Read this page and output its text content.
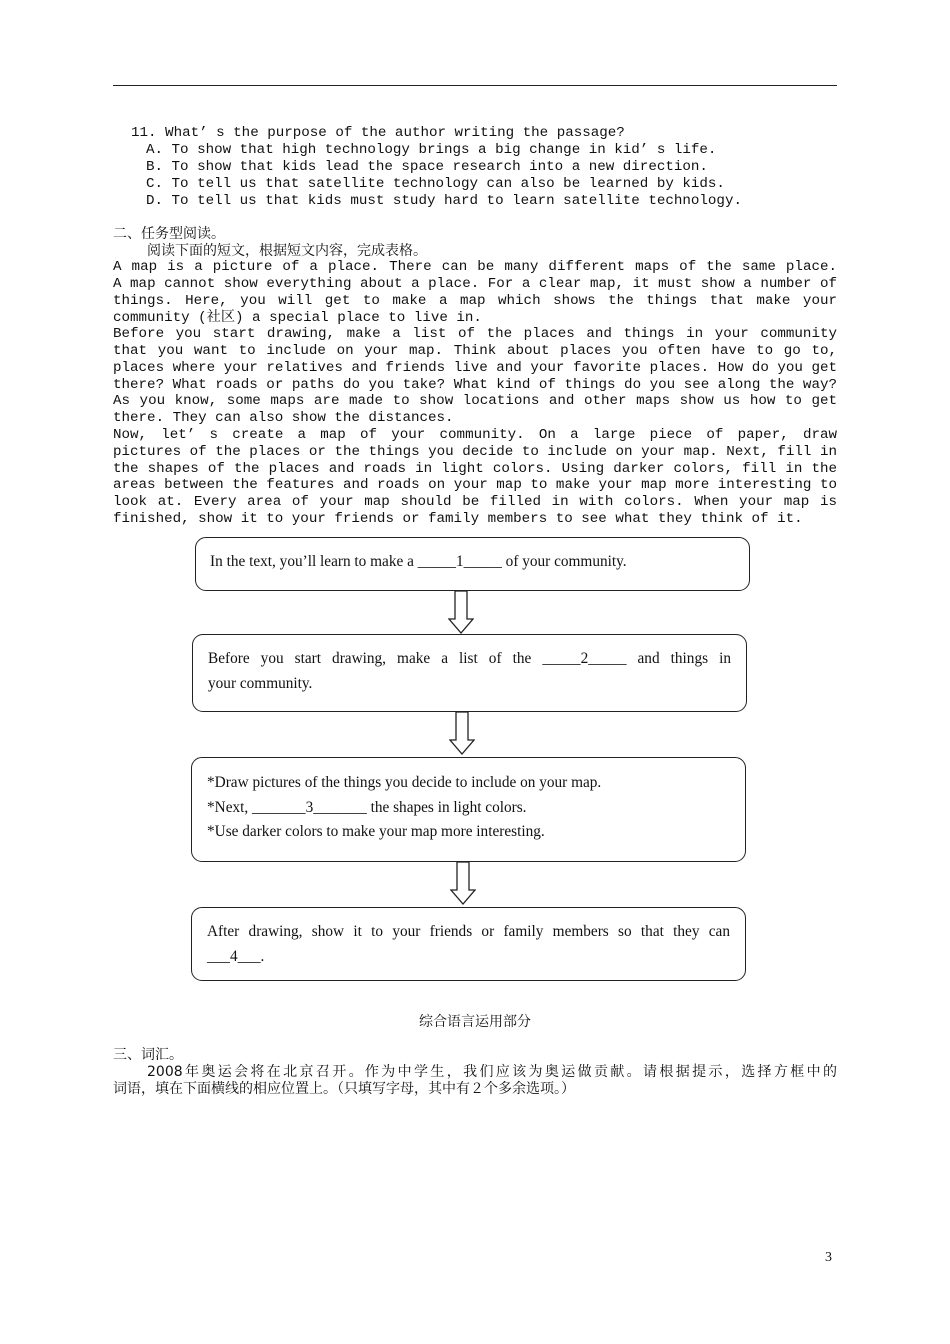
11. What’ s the purpose of the author writing the passage?
A. To show that high technology brings a big change in kid’ s life.
B. To show that kids lead the space research into a new direction.
C. To tell us that satellite technology can also be learned by kids.
D. To tell us that kids must study hard to learn satellite technology.
二、任务型阅读。
阅读下面的短文，根据短文内容，完成表格。
A map is a picture of a place. There can be many different maps of the same place.
A map cannot show everything about a place. For a clear map, it must show a number of
things. Here, you will get to make a map which shows the things that make your
community (社区) a special place to live in.
Before you start drawing, make a list of the places and things in your community
that you want to include on your map. Think about places you often have to go to,
places where your relatives and friends live and your favorite places. How do you get
there? What roads or paths do you take? What kind of things do you see along the way?
As you know, some maps are made to show locations and other maps show us how to get
there. They can also show the distances.
Now, let’ s create a map of your community. On a large piece of paper, draw
pictures of the places or the things you decide to include on your map. Next, fill in
the shapes of the places and roads in light colors. Using darker colors, fill in the
areas between the features and roads on your map to make your map more interesting to
look at. Every area of your map should be filled in with colors. When your map is
finished, show it to your friends or family members to see what they think of it.
In the text, you’ll learn to make a _____1_____ of your community.
Before you start drawing, make a list of the _____2_____ and things in
your community.
*Draw pictures of the things you decide to include on your map.
*Next, _______3_______ the shapes in light colors.
*Use darker colors to make your map more interesting.
After drawing, show it to your friends or family members so that they can
___4___.
综合语言运用部分
三、词汇。
2008年奥运会将在北京召开。作为中学生，我们应该为奥运做贡献。请根据提示，选择方框中的
词语，填在下面横线的相应位置上。（只填写字母，其中有２个多余选项。）
3
